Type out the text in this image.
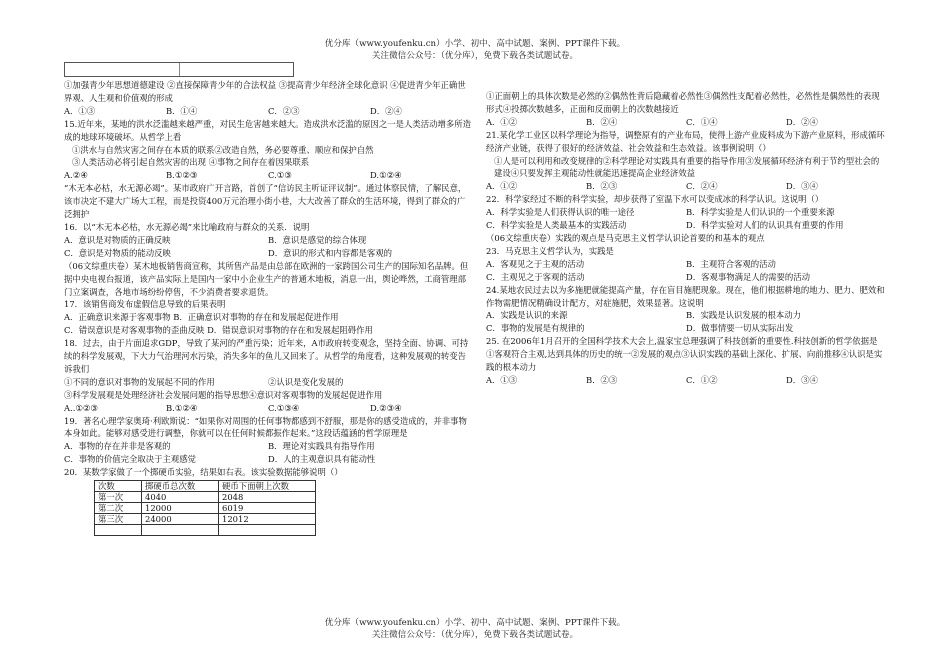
优分库（www.youfenku.cn）小学、初中、高中试题、案例、PPT课件下载。
关注微信公众号：（优分库），免费下载各类试题试卷。

①加强青少年思想道德建设 ②直接保障青少年的合法权益 ③提高青少年经济全球化意识 ④促进青少年正确世界观、人生观和价值观的形成

A．①③	B．①④	C．②③	D．②④

15.近年来，某地的洪水泛滥越来越严重，对民生危害越来越大。造成洪水泛滥的原因之一是人类活动增多所造成的地球环境破坏。从哲学上看

①洪水与自然灾害之间存在本质的联系②改造自然，务必要尊重、顺应和保护自然

③人类活动必将引起自然灾害的出现 ④事物之间存在着因果联系

A.②④	B.①②③	C.①③	D.①②④

“木无本必枯，水无源必竭”。某市政府广开言路，首创了“信访民主听证评议制”。通过体察民情，了解民意，该市决定不建大广场大工程，而是投资400万元治理小街小巷，大大改善了群众的生活环境，得到了群众的广泛拥护

16．以“木无本必枯，水无源必竭”来比喻政府与群众的关系．说明

A．意识是对物质的正确反映	B．意识是感觉的综合体现
C．意识是对物质的能动反映	D．意识的形式和内容都是客观的

（06文综重庆卷）某木地板销售商宣称，其所售产品是由总部在欧洲的一家跨国公司生产的国际知名品牌。但据中央电视台报道，该产品实际上是国内一家中小企业生产的普通木地板，消息一出，舆论哗然，工商管理部门立案调查，各地市场纷纷停售，不少消费者要求退货。

17．该销售商发布虚假信息导致的后果表明

A．正确意识来源于客观事物 B．正确意识对事物的存在和发展起促进作用

C．错误意识是对客观事物的歪曲反映 D．错误意识对事物的存在和发展起阻碍作用

18．过去，由于片面追求GDP，导致了某河的严重污染；近年来，A市政府转变观念，坚持全面、协调、可持续的科学发展观，下大力气治理河水污染，消失多年的鱼儿又回来了。从哲学的角度看，这种发展观的转变告诉我们

①不同的意识对事物的发展起不同的作用	②认识是变化发展的

③科学发展观是处理经济社会发展问题的指导思想④意识对客观事物的发展起促进作用

A..①②③	B.①②④	C.①③④	D.②③④

19．著名心理学家奥琦·利欧斯说：“如果你对周围的任何事物都感到不舒服，那是你的感受造成的，并非事物本身如此。能够对感受进行调整，你就可以在任何时候都振作起来。”这段话蕴涵的哲学原理是

A．事物的存在并非是客观的	B．理论对实践具有指导作用
C．事物的价值完全取决于主观感觉	D．人的主观意识具有能动性

20．某数学家做了一个掷硬币实验，结果如右表。该实验数据能够说明（）

次数	掷硬币总次数	硬币下面朝上次数
第一次	4040	2048
第二次	12000	6019
第三次	24000	12012

①正面朝上的具体次数是必然的②偶然性背后隐藏着必然性③偶然性支配着必然性，必然性是偶然性的表现形式④投掷次数越多，正面和反面朝上的次数越接近

A．①②	B．②④	C．①④	D．②④

21.某化学工业区以科学理论为指导，调整原有的产业布局，使得上游产业废料成为下游产业原料，形成循环经济产业链，获得了很好的经济效益、社会效益和生态效益。该事例说明（）

①人是可以利用和改变规律的②科学理论对实践具有重要的指导作用③发展循环经济有利于节约型社会的建设④只要发挥主观能动性就能迅速提高企业经济效益

A．①②	B．②③	C．②④	D．③④

22．科学家经过不断的科学实验，却步获得了室温下水可以变成冰的科学认识。这说明（）

A．科学实验是人们获得认识的唯一途径	B．科学实验是人们认识的一个重要来源
C．科学实验是人类最基本的实践活动	D．科学实验对人们的认识具有重要的作用

（06文综重庆卷）实践的观点是马克思主义哲学认识论首要的和基本的观点

23．马克思主义哲学认为，实践是

A．客观见之于主观的活动	B．主观符合客观的活动
C．主观见之于客观的活动	D．客观事物满足人的需要的活动

24.某地农民过去以为多施肥就能提高产量，存在盲目施肥现象。现在，他们根据耕地的地力、肥力、肥效和作物需肥情况精确设计配方，对症施肥，效果显著。这说明

A．实践是认识的来源	B．实践是认识发展的根本动力
C．事物的发展是有规律的	D．做事情要一切从实际出发

25. 在2006年1月召开的全国科学技术大会上,温家宝总理强调了科技创新的重要性.科技创新的哲学依据是

①客观符合主观,达到具体的历史的统一②发展的观点③认识实践的基础上深化、扩展、向前推移④认识是实践的根本动力

A．①③	B．②③	C．①②	D．③④
优分库（www.youfenku.cn）小学、初中、高中试题、案例、PPT课件下载。
关注微信公众号：（优分库），免费下载各类试题试卷。
